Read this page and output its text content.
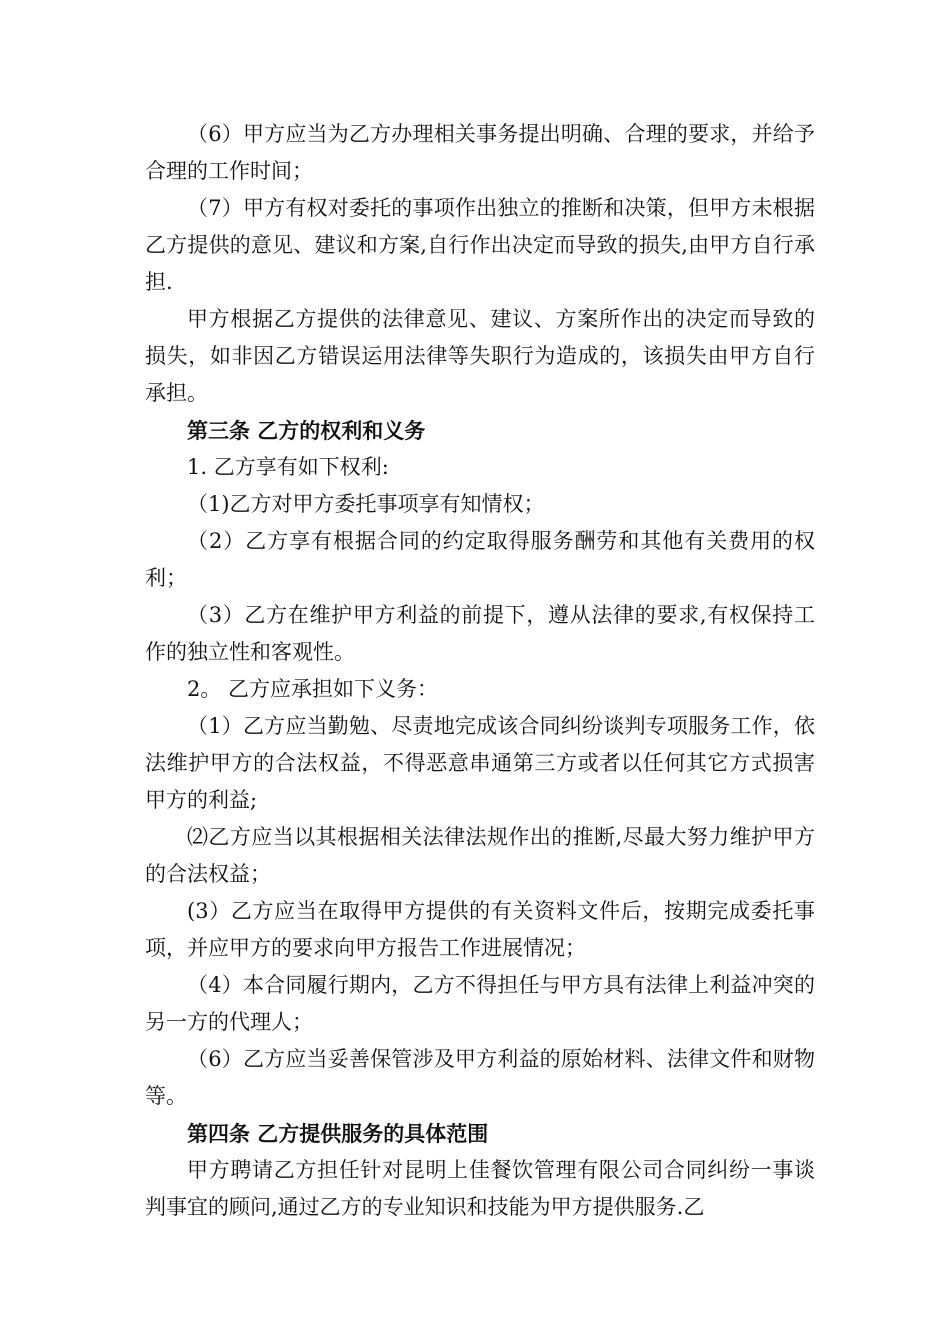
（6）甲方应当为乙方办理相关事务提出明确、合理的要求，并给予合理的工作时间；

（7）甲方有权对委托的事项作出独立的推断和决策，但甲方未根据乙方提供的意见、建议和方案,自行作出决定而导致的损失,由甲方自行承担.

甲方根据乙方提供的法律意见、建议、方案所作出的决定而导致的损失，如非因乙方错误运用法律等失职行为造成的，该损失由甲方自行承担。

第三条 乙方的权利和义务

1. 乙方享有如下权利:

（1)乙方对甲方委托事项享有知情权；

（2）乙方享有根据合同的约定取得服务酬劳和其他有关费用的权利；

（3）乙方在维护甲方利益的前提下，遵从法律的要求,有权保持工作的独立性和客观性。

2。 乙方应承担如下义务：

（1）乙方应当勤勉、尽责地完成该合同纠纷谈判专项服务工作，依法维护甲方的合法权益，不得恶意串通第三方或者以任何其它方式损害甲方的利益;

⑵乙方应当以其根据相关法律法规作出的推断,尽最大努力维护甲方的合法权益；

(3）乙方应当在取得甲方提供的有关资料文件后，按期完成委托事项，并应甲方的要求向甲方报告工作进展情况；

（4）本合同履行期内，乙方不得担任与甲方具有法律上利益冲突的另一方的代理人；

（6）乙方应当妥善保管涉及甲方利益的原始材料、法律文件和财物等。

第四条 乙方提供服务的具体范围

甲方聘请乙方担任针对昆明上佳餐饮管理有限公司合同纠纷一事谈判事宜的顾问,通过乙方的专业知识和技能为甲方提供服务.乙
